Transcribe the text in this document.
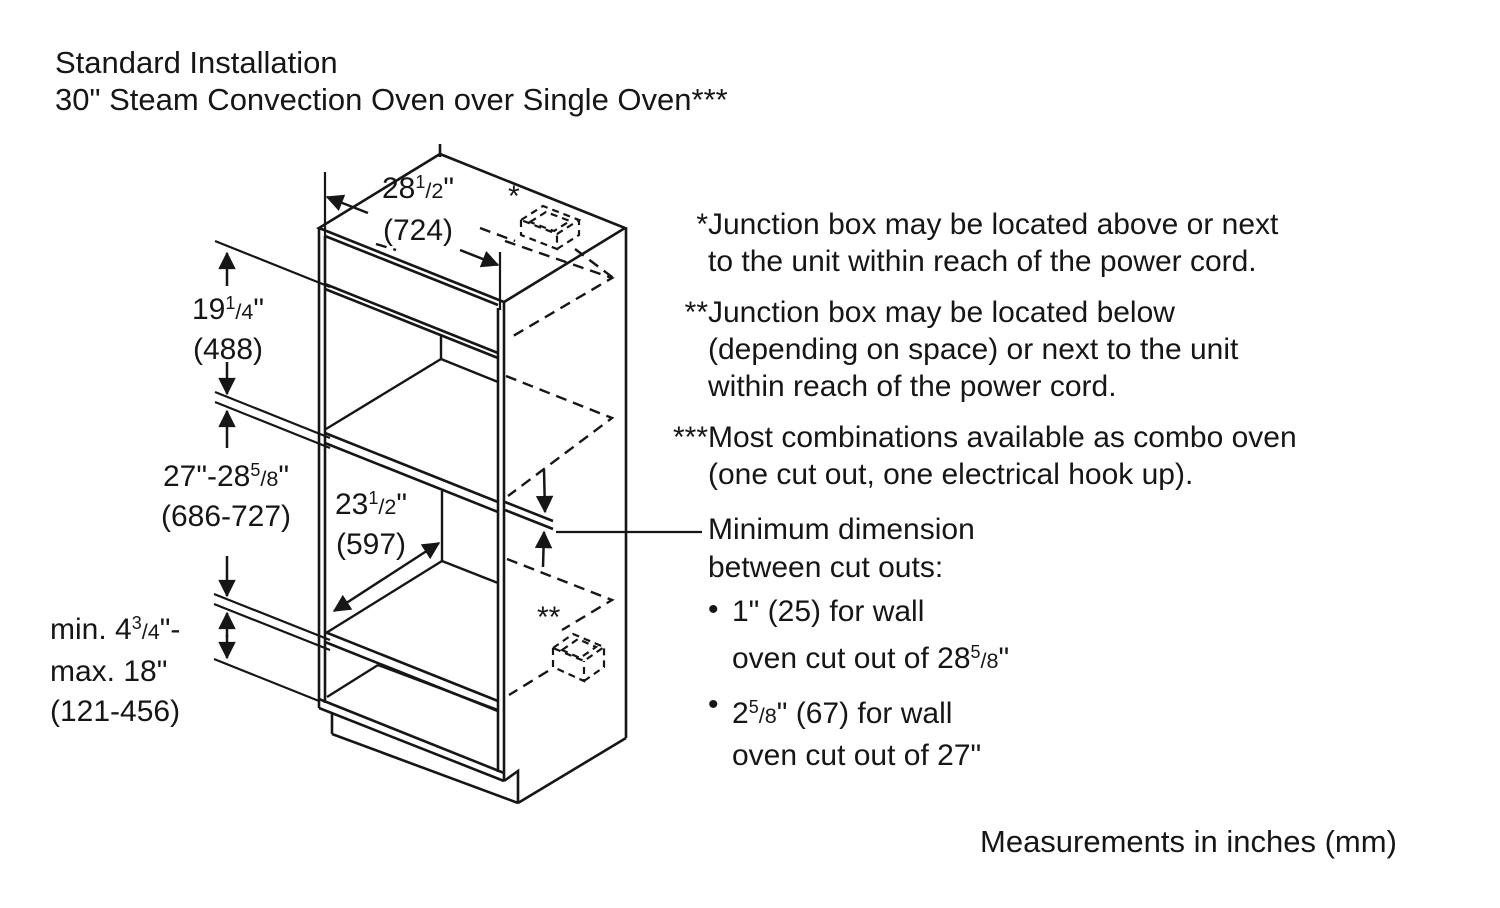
Standard Installation
30" Steam Convection Oven over Single Oven***
$28^1/2$"
(724)
$19^1/4$"
(488)
$27"-28^5/8$"
(686-727)	$23^1/2$"
(597)
min. $4^3/4"-$
max. 18"
(121-456)
*
**
* Junction box may be located above or next
to the unit within reach of the power cord.
** Junction box may be located below
(depending on space) or next to the unit
within reach of the power cord.
*** Most combinations available as combo oven
(one cut out, one electrical hook up).
Minimum dimension
between cut outs:
• 1" (25) for wall
oven cut out of $28^5/8$"
• $2^5/8$" (67) for wall
oven cut out of 27"
Measurements in inches (mm)
